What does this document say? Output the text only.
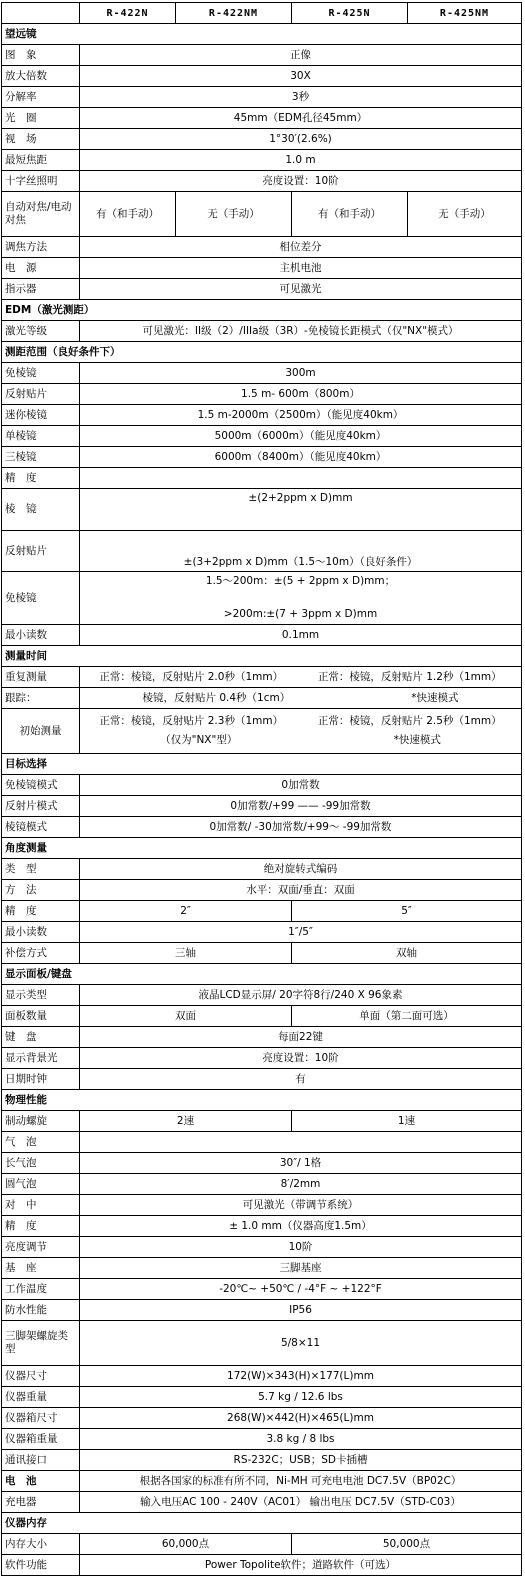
	R-422N	R-422NM	R-425N	R-425NM
望远镜				
图　象	正像			
放大倍数	30X			
分解率	3秒			
光　圈	45mm（EDM孔径45mm）			
视　场	1°30′(2.6%)			
最短焦距	1.0 m			
十字丝照明	亮度设置：10阶			
自动对焦/电动对焦	有（和手动）	无（手动）	有（和手动）	无（手动）
调焦方法	相位差分			
电　源	主机电池			
指示器	可见激光			
EDM（激光测距）				
激光等级	可见激光：II级（2）/IIIa级（3R）-免棱镜长距模式（仅"NX"模式）			
测距范围（良好条件下）				
免棱镜	300m			
反射贴片	1.5 m- 600m（800m）			
迷你棱镜	1.5 m-2000m（2500m）（能见度40km）			
单棱镜	5000m（6000m）（能见度40km）			
三棱镜	6000m（8400m）（能见度40km）			
精　度				
棱　镜	±(2+2ppm x D)mm			
反射贴片	±(3+2ppm x D)mm（1.5～10m）（良好条件）			
免棱镜	1.5～200m：±(5 + 2ppm x D)mm；
>200m:±(7 + 3ppm x D)mm			

最小读数	0.1mm			
测量时间				
重复测量	正常：棱镜，反射贴片 2.0秒（1mm） 正常：棱镜，反射贴片 1.2秒（1mm）			

跟踪：	棱镜，反射贴片 0.4秒（1cm） *快速模式			

初始测量	正常：棱镜，反射贴片 2.3秒（1mm） 正常：棱镜，反射贴片 2.5秒（1mm）
（仅为"NX"型） *快速模式			

目标选择				
免棱镜模式	0加常数			
反射片模式	0加常数/+99 —— -99加常数			
棱镜模式	0加常数/ -30加常数/+99～ -99加常数			
角度测量				
类　型	绝对旋转式编码			
方　法	水平：双面/垂直：双面			
精　度	2″		5″	
最小读数	1″/5″			
补偿方式	三轴		双轴	
显示面板/键盘				
显示类型	液晶LCD显示屏/ 20字符8行/240 X 96象素			
面板数量	双面		单面（第二面可选）	
键　盘	每面22键			
显示背景光	亮度设置：10阶			
日期时钟	有			
物理性能				
制动螺旋	2速		1速	
气　泡				
长气泡	30″/ 1格			
圆气泡	8′/2mm			
对　中	可见激光（带调节系统）			
精　度	± 1.0 mm（仪器高度1.5m）			
亮度调节	10阶			
基　座	三脚基座			
工作温度	-20℃~ +50℃ / -4°F ~ +122°F			
防水性能	IP56			
三脚架螺旋类型	5/8×11			
仪器尺寸	172(W)×343(H)×177(L)mm			
仪器重量	5.7 kg / 12.6 lbs			
仪器箱尺寸	268(W)×442(H)×465(L)mm			
仪器箱重量	3.8 kg / 8 lbs			
通讯接口	RS-232C；USB；SD卡插槽			
电　池	根据各国家的标准有所不同，Ni-MH 可充电电池 DC7.5V（BP02C）			
充电器	输入电压AC 100 - 240V（AC01） 输出电压 DC7.5V（STD-C03）			
仪器内存				
内存大小	60,000点		50,000点	
软件功能	Power Topolite软件；道路软件（可选）			
